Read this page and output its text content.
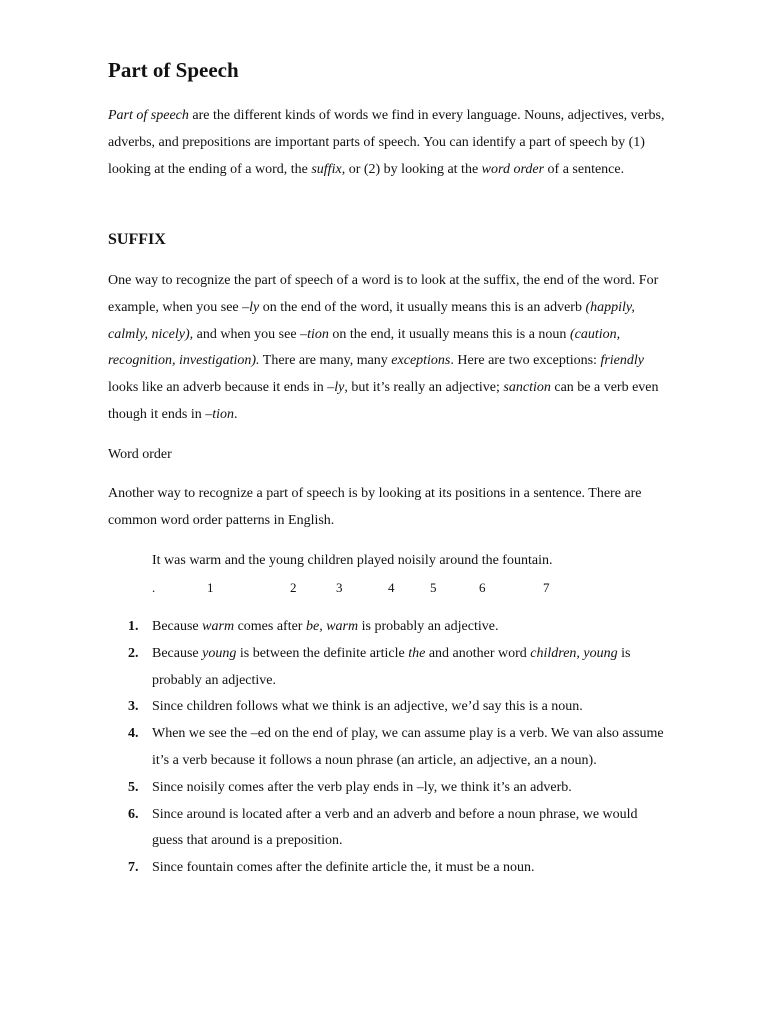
Part of Speech

Part of speech are the different kinds of words we find in every language. Nouns, adjectives, verbs, adverbs, and prepositions are important parts of speech. You can identify a part of speech by (1) looking at the ending of a word, the suffix, or (2) by looking at the word order of a sentence.

SUFFIX

One way to recognize the part of speech of a word is to look at the suffix, the end of the word. For example, when you see –ly on the end of the word, it usually means this is an adverb (happily, calmly, nicely), and when you see –tion on the end, it usually means this is a noun (caution, recognition, investigation). There are many, many exceptions. Here are two exceptions: friendly looks like an adverb because it ends in –ly, but it’s really an adjective; sanction can be a verb even though it ends in –tion.

Word order

Another way to recognize a part of speech is by looking at its positions in a sentence. There are common word order patterns in English.

It was warm and the young children played noisily around the fountain.

.	1	2	3	4	5	6	7
1. Because warm comes after be, warm is probably an adjective.
2. Because young is between the definite article the and another word children, young is probably an adjective.
3. Since children follows what we think is an adjective, we’d say this is a noun.
4. When we see the –ed on the end of play, we can assume play is a verb. We van also assume it’s a verb because it follows a noun phrase (an article, an adjective, an a noun).
5. Since noisily comes after the verb play ends in –ly, we think it’s an adverb.
6. Since around is located after a verb and an adverb and before a noun phrase, we would guess that around is a preposition.
7. Since fountain comes after the definite article the, it must be a noun.
